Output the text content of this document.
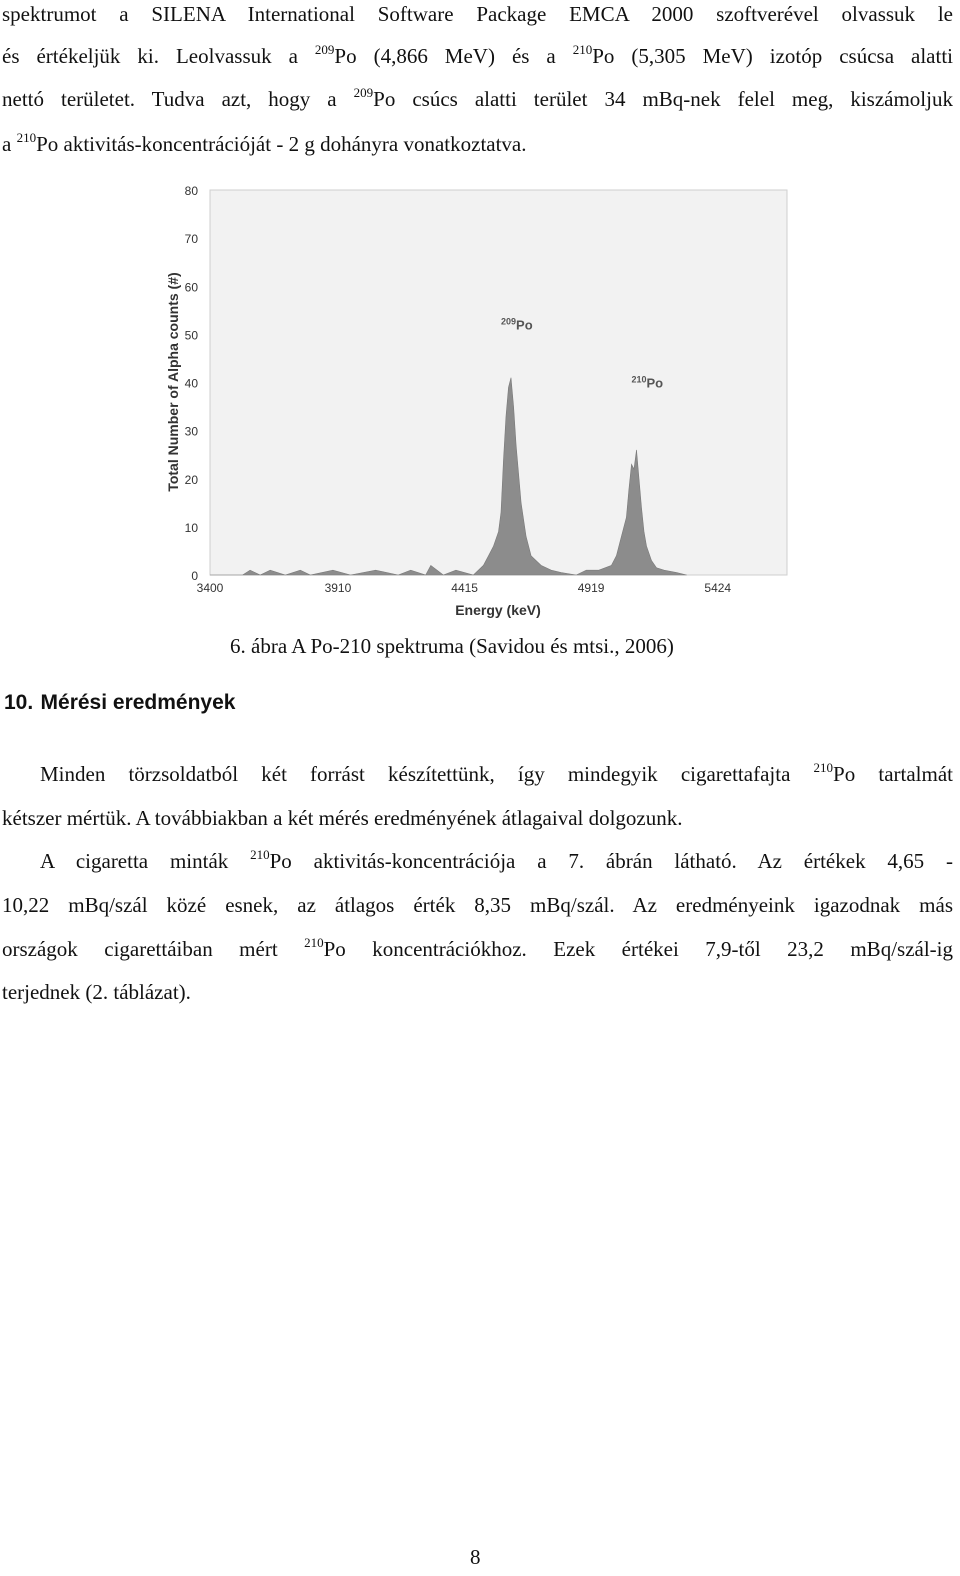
spektrumot a SILENA International Software Package EMCA 2000 szoftverével olvassuk le
és értékeljük ki. Leolvassuk a $^{209}$Po (4,866 MeV) és a $^{210}$Po (5,305 MeV) izotóp csúcsa alatti
nettó területet. Tudva azt, hogy a $^{209}$Po csúcs alatti terület 34 mBq-nek felel meg, kiszámoljuk
a $^{210}$Po aktivitás-koncentrációját - 2 g dohányra vonatkoztatva.
0
10
20
30
40
50
60
70
80
3400	3910	4415	4919	5424
$^{209}$Po
$^{210}$Po
Energy (keV)
Total Number of Alpha counts (#)
6. ábra A Po-210 spektruma (Savidou és mtsi., 2006)
10. Mérési eredmények
Minden törzsoldatból két forrást készítettünk, így mindegyik cigarettafajta $^{210}$Po tartalmát
kétszer mértük. A továbbiakban a két mérés eredményének átlagaival dolgozunk.
A cigaretta minták $^{210}$Po aktivitás-koncentrációja a 7. ábrán látható. Az értékek 4,65 -
10,22 mBq/szál közé esnek, az átlagos érték 8,35 mBq/szál. Az eredményeink igazodnak más
országok cigarettáiban mért $^{210}$Po koncentrációkhoz. Ezek értékei 7,9-től 23,2 mBq/szál-ig
terjednek (2. táblázat).
8
